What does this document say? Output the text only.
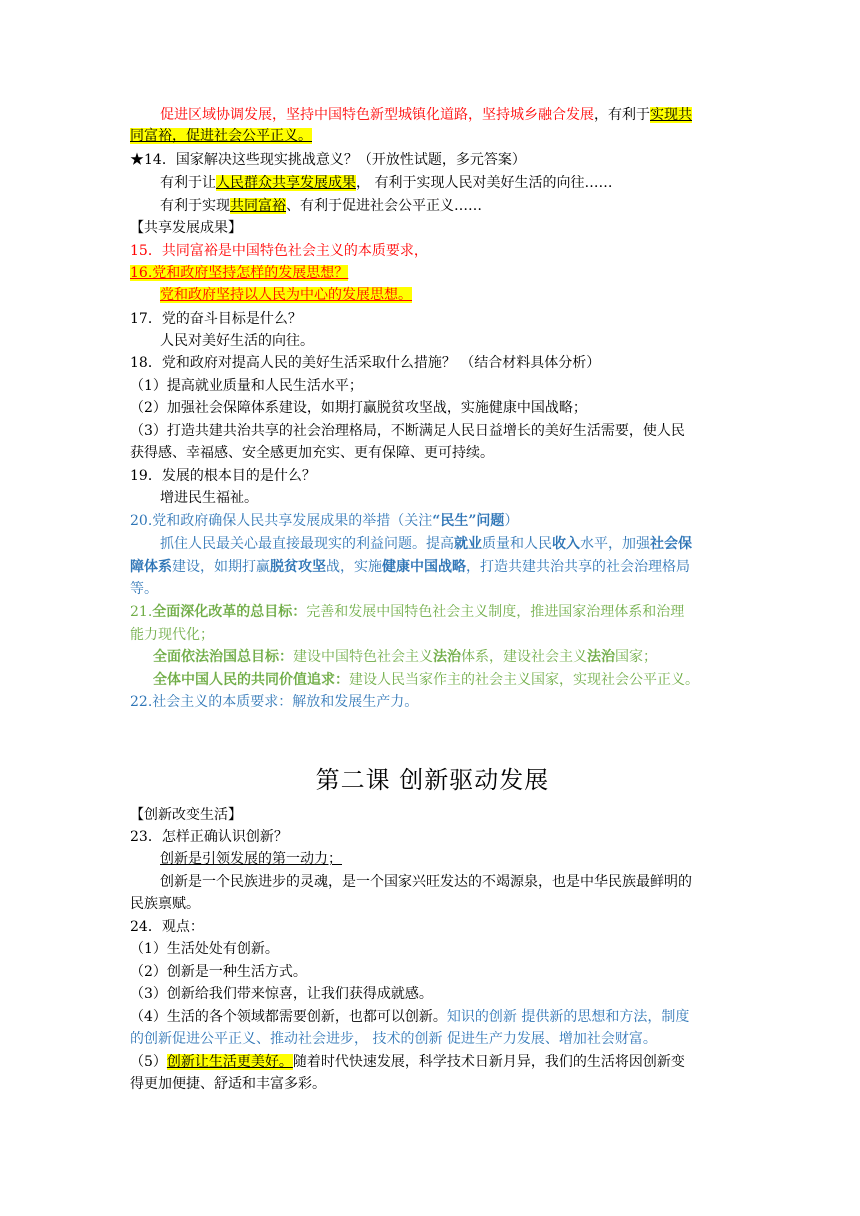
促进区域协调发展，坚持中国特色新型城镇化道路，坚持城乡融合发展，有利于实现共
同富裕，促进社会公平正义。
★14．国家解决这些现实挑战意义？（开放性试题，多元答案）
有利于让人民群众共享发展成果， 有利于实现人民对美好生活的向往……
有利于实现共同富裕、有利于促进社会公平正义……
【共享发展成果】
15．共同富裕是中国特色社会主义的本质要求，
16.党和政府坚持怎样的发展思想？
党和政府坚持以人民为中心的发展思想。
17．党的奋斗目标是什么？
人民对美好生活的向往。
18．党和政府对提高人民的美好生活采取什么措施？ （结合材料具体分析）
（1）提高就业质量和人民生活水平；
（2）加强社会保障体系建设，如期打赢脱贫攻坚战，实施健康中国战略；
（3）打造共建共治共享的社会治理格局，不断满足人民日益增长的美好生活需要，使人民
获得感、幸福感、安全感更加充实、更有保障、更可持续。
19．发展的根本目的是什么？
增进民生福祉。
20.党和政府确保人民共享发展成果的举措（关注“民生”问题）
抓住人民最关心最直接最现实的利益问题。提高就业质量和人民收入水平，加强社会保
障体系建设，如期打赢脱贫攻坚战，实施健康中国战略，打造共建共治共享的社会治理格局
等。
21.全面深化改革的总目标：完善和发展中国特色社会主义制度，推进国家治理体系和治理
能力现代化；
全面依法治国总目标：建设中国特色社会主义法治体系，建设社会主义法治国家；
全体中国人民的共同价值追求：建设人民当家作主的社会主义国家，实现社会公平正义。
22.社会主义的本质要求：解放和发展生产力。
第二课 创新驱动发展
【创新改变生活】
23．怎样正确认识创新？
创新是引领发展的第一动力；
创新是一个民族进步的灵魂，是一个国家兴旺发达的不竭源泉，也是中华民族最鲜明的
民族禀赋。
24．观点：
（1）生活处处有创新。
（2）创新是一种生活方式。
（3）创新给我们带来惊喜，让我们获得成就感。
（4）生活的各个领域都需要创新，也都可以创新。知识的创新 提供新的思想和方法，制度
的创新促进公平正义、推动社会进步， 技术的创新 促进生产力发展、增加社会财富。
（5）创新让生活更美好。随着时代快速发展，科学技术日新月异，我们的生活将因创新变
得更加便捷、舒适和丰富多彩。
